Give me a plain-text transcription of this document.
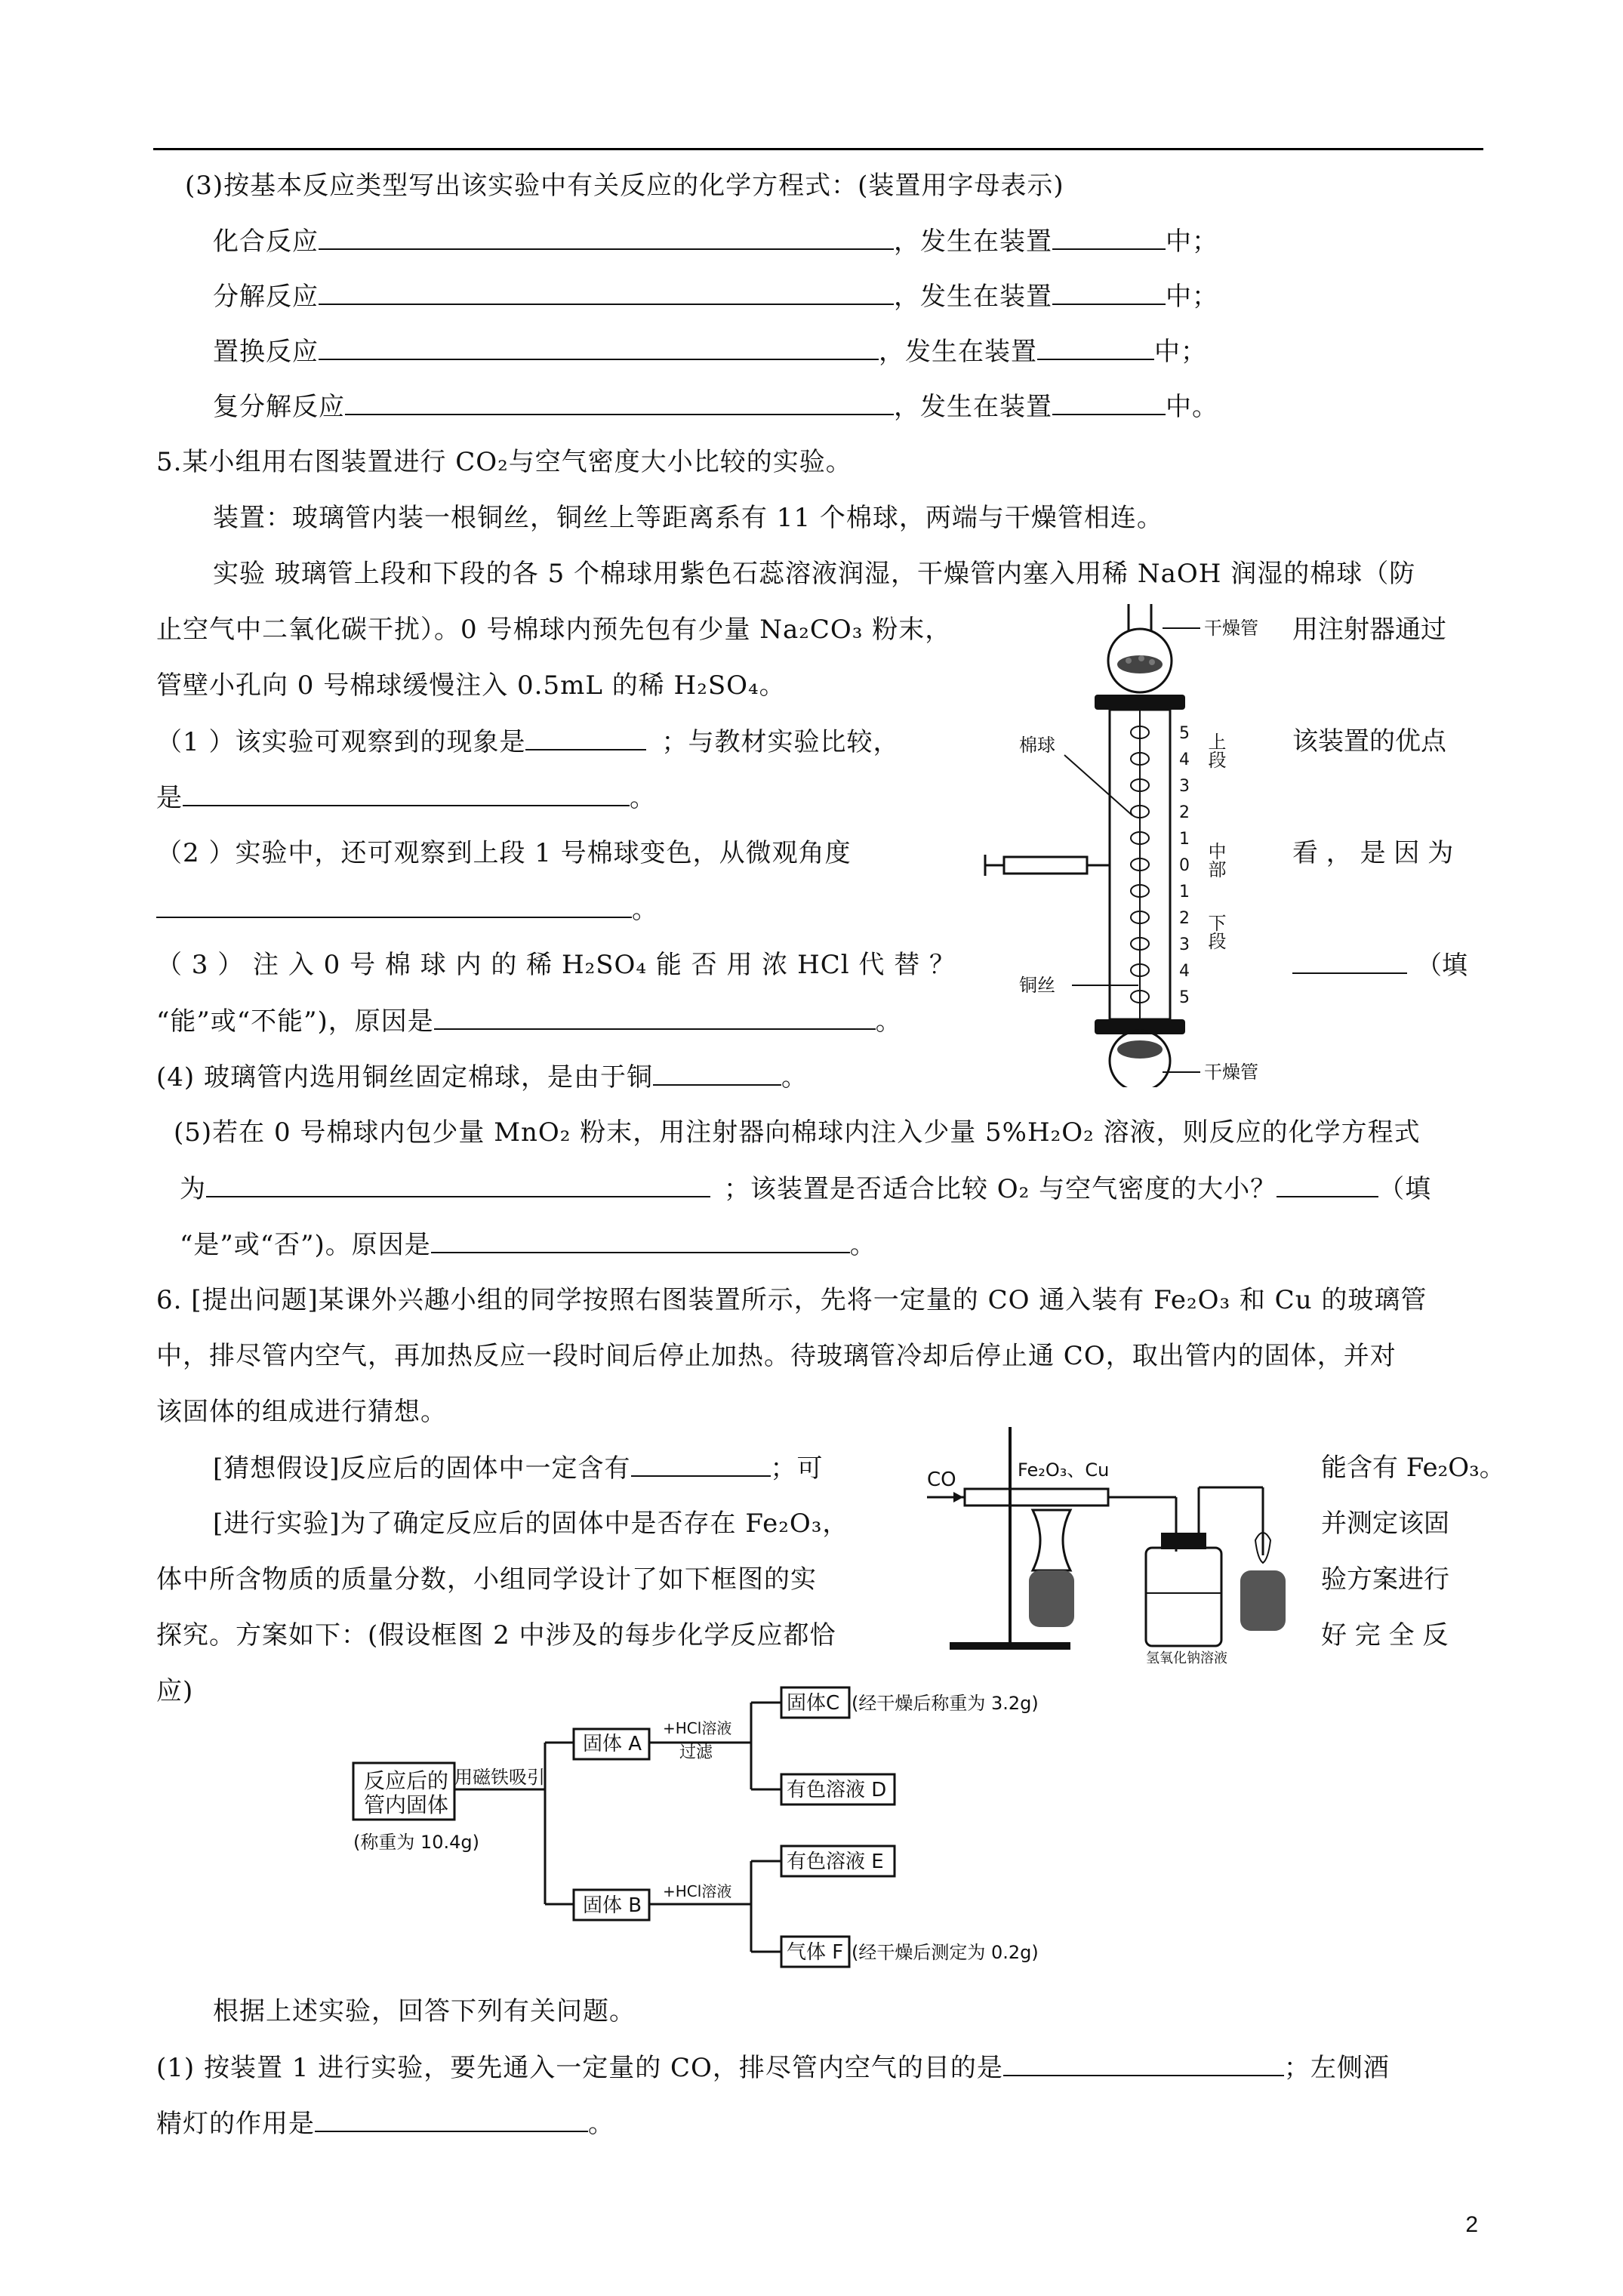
(3)按基本反应类型写出该实验中有关反应的化学方程式：(装置用字母表示)
化合反应	，发生在装置	中；
分解反应	，发生在装置	中；
置换反应	，发生在装置	中；
复分解反应	，发生在装置	中。
5.某小组用右图装置进行 CO₂与空气密度大小比较的实验。
装置：玻璃管内装一根铜丝，铜丝上等距离系有 11 个棉球，两端与干燥管相连。
实验 玻璃管上段和下段的各 5 个棉球用紫色石蕊溶液润湿，干燥管内塞入用稀 NaOH 润湿的棉球（防
止空气中二氧化碳干扰）。0 号棉球内预先包有少量 Na₂CO₃ 粉末，	用注射器通过
管壁小孔向 0 号棉球缓慢注入 0.5mL 的稀 H₂SO₄。
（1 ）该实验可观察到的现象是	；与教材实验比较，	该装置的优点
是	。
（2 ）实验中，还可观察到上段 1 号棉球变色，从微观角度	看 ， 是 因 为
。
（ 3 ） 注 入 0 号 棉 球 内 的 稀 H₂SO₄ 能 否 用 浓 HCl 代 替 ？	（填
“能”或“不能”)，原因是	。
(4) 玻璃管内选用铜丝固定棉球，是由于铜	。
(5)若在 0 号棉球内包少量 MnO₂ 粉末，用注射器向棉球内注入少量 5%H₂O₂ 溶液，则反应的化学方程式
为	；该装置是否适合比较 O₂ 与空气密度的大小？	（填
“是”或“否”)。原因是	。
干燥管
棉球
铜丝
干燥管
5
4
3
2
1
0
1
2
3
4
5
上段
中部
下段
6. [提出问题]某课外兴趣小组的同学按照右图装置所示，先将一定量的 CO 通入装有 Fe₂O₃ 和 Cu 的玻璃管
中，排尽管内空气，再加热反应一段时间后停止加热。待玻璃管冷却后停止通 CO，取出管内的固体，并对
该固体的组成进行猜想。
[猜想假设]反应后的固体中一定含有	；可	能含有 Fe₂O₃。
[进行实验]为了确定反应后的固体中是否存在 Fe₂O₃，	并测定该固
体中所含物质的质量分数，小组同学设计了如下框图的实	验方案进行
探究。方案如下：(假设框图 2 中涉及的每步化学反应都恰	好 完 全 反
应)
CO	Fe₂O₃、Cu
氢氧化钠溶液
反应后的
管内固体
(称重为 10.4g)
用磁铁吸引
固体 A
固体 B
+HCl溶液
过滤
+HCl溶液
固体C (经干燥后称重为 3.2g)
有色溶液 D
有色溶液 E
气体 F (经干燥后测定为 0.2g)
根据上述实验，回答下列有关问题。
(1) 按装置 1 进行实验，要先通入一定量的 CO，排尽管内空气的目的是	；左侧酒
精灯的作用是	。
2
